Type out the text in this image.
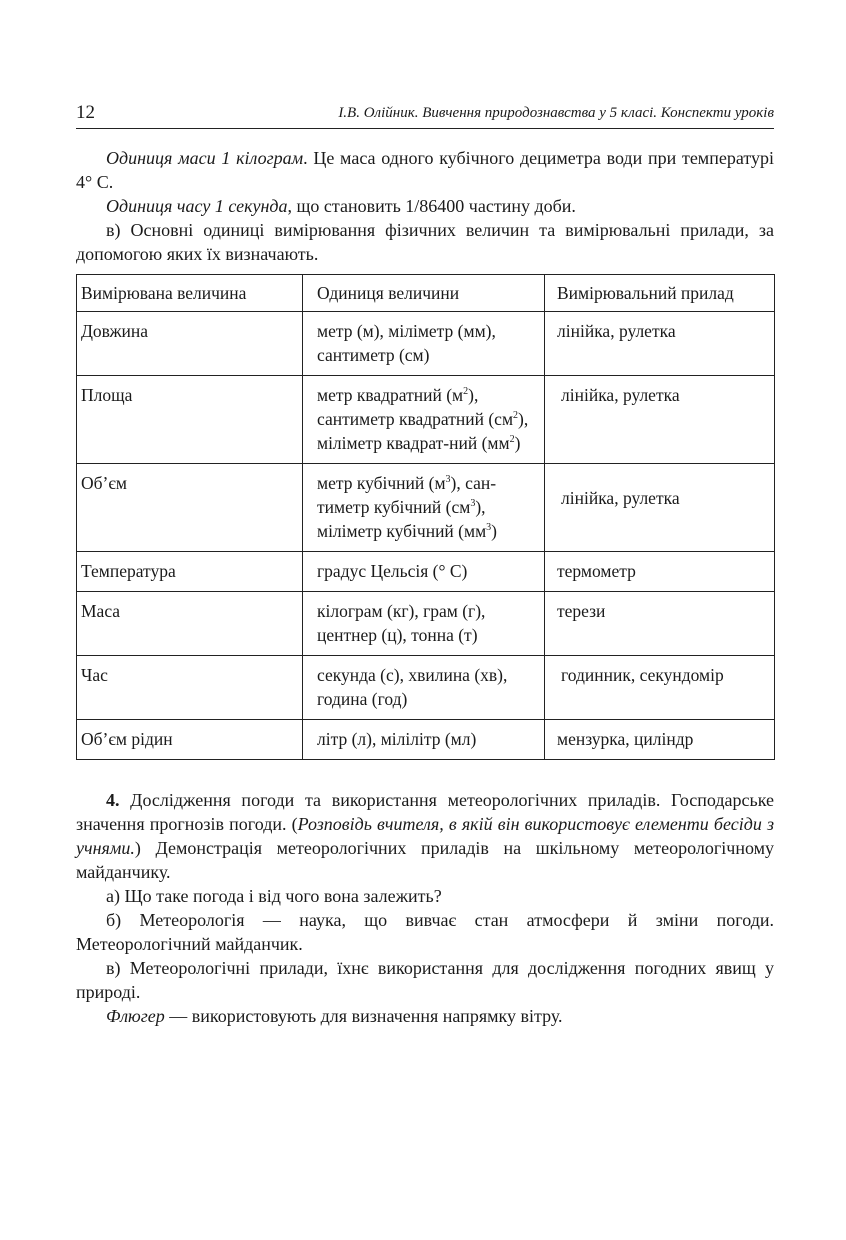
12	І.В. Олійник. Вивчення природознавства у 5 класі. Конспекти уроків

Одиниця маси 1 кілограм. Це маса одного кубічного дециметра води при температурі 4° С.

Одиниця часу 1 секунда, що становить 1/86400 частину доби.

в) Основні одиниці вимірювання фізичних величин та вимірювальні прилади, за допомогою яких їх визначають.

Вимірювана величина	Одиниця величини	Вимірювальний прилад
Довжина	метр (м), міліметр (мм), сантиметр (см)	лінійка, рулетка
Площа	метр квадратний $(м^2)$, сантиметр квадратний $(см^2)$, міліметр квадрат-ний $(мм^2)$	лінійка, рулетка
Об’єм	метр кубічний $(м^3)$, сан-тиметр кубічний $(см^3)$, міліметр кубічний $(мм^3)$	лінійка, рулетка
Температура	градус Цельсія (° С)	термометр
Маса	кілограм (кг), грам (г), центнер (ц), тонна (т)	терези
Час	секунда (с), хвилина (хв), година (год)	годинник, секундомір
Об’єм рідин	літр (л), мілілітр (мл)	мензурка, циліндр

4. Дослідження погоди та використання метеорологічних приладів. Господарське значення прогнозів погоди. (Розповідь вчителя, в якій він використовує елементи бесіди з учнями.) Демонстрація метеорологічних приладів на шкільному метеорологічному майданчику.

а) Що таке погода і від чого вона залежить?

б) Метеорологія — наука, що вивчає стан атмосфери й зміни погоди. Метеорологічний майданчик.

в) Метеорологічні прилади, їхнє використання для дослідження погодних явищ у природі.

Флюгер — використовують для визначення напрямку вітру.
